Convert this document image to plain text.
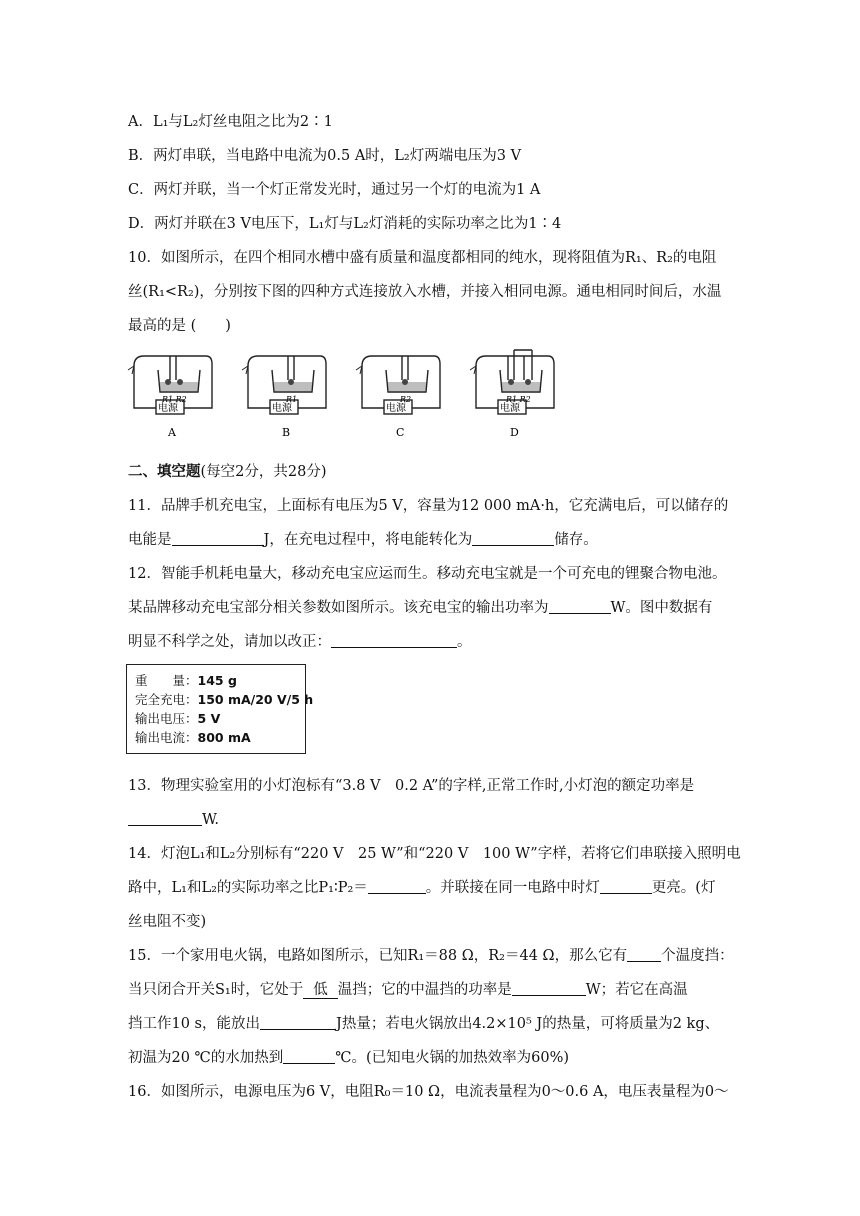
A．L₁与L₂灯丝电阻之比为2∶1
B．两灯串联，当电路中电流为0.5 A时，L₂灯两端电压为3 V
C．两灯并联，当一个灯正常发光时，通过另一个灯的电流为1 A
D．两灯并联在3 V电压下，L₁灯与L₂灯消耗的实际功率之比为1∶4
10．如图所示，在四个相同水槽中盛有质量和温度都相同的纯水，现将阻值为R₁、R₂的电阻
丝(R₁<R₂)，分别按下图的四种方式连接放入水槽，并接入相同电源。通电相同时间后，水温
最高的是 (　　)
R1 R2
电源
A
R1
电源
B
R2
电源
C
R1 R2
电源
D
二、填空题(每空2分，共28分)
11．品牌手机充电宝，上面标有电压为5 V，容量为12 000 mA·h，它充满电后，可以储存的
电能是	J，在充电过程中，将电能转化为	储存。
12．智能手机耗电量大，移动充电宝应运而生。移动充电宝就是一个可充电的锂聚合物电池。
某品牌移动充电宝部分相关参数如图所示。该充电宝的输出功率为	W。图中数据有
明显不科学之处，请加以改正：	。
重　　量：145 g
完全充电：150 mA/20 V/5 h
输出电压：5 V
输出电流：800 mA
13．物理实验室用的小灯泡标有“3.8 V　0.2 A”的字样,正常工作时,小灯泡的额定功率是
W.
14．灯泡L₁和L₂分别标有“220 V　25 W”和“220 V　100 W”字样，若将它们串联接入照明电
路中，L₁和L₂的实际功率之比P₁∶P₂＝	。并联接在同一电路中时灯	更亮。(灯
丝电阻不变)
15．一个家用电火锅，电路如图所示，已知R₁＝88 Ω，R₂＝44 Ω，那么它有 个温度挡：
当只闭合开关S₁时，它处于 低 温挡；它的中温挡的功率是	W；若它在高温
挡工作10 s，能放出	J热量；若电火锅放出4.2×10⁵ J的热量，可将质量为2 kg、
初温为20 ℃的水加热到	℃。(已知电火锅的加热效率为60%)
16．如图所示，电源电压为6 V，电阻R₀＝10 Ω，电流表量程为0～0.6 A，电压表量程为0～
